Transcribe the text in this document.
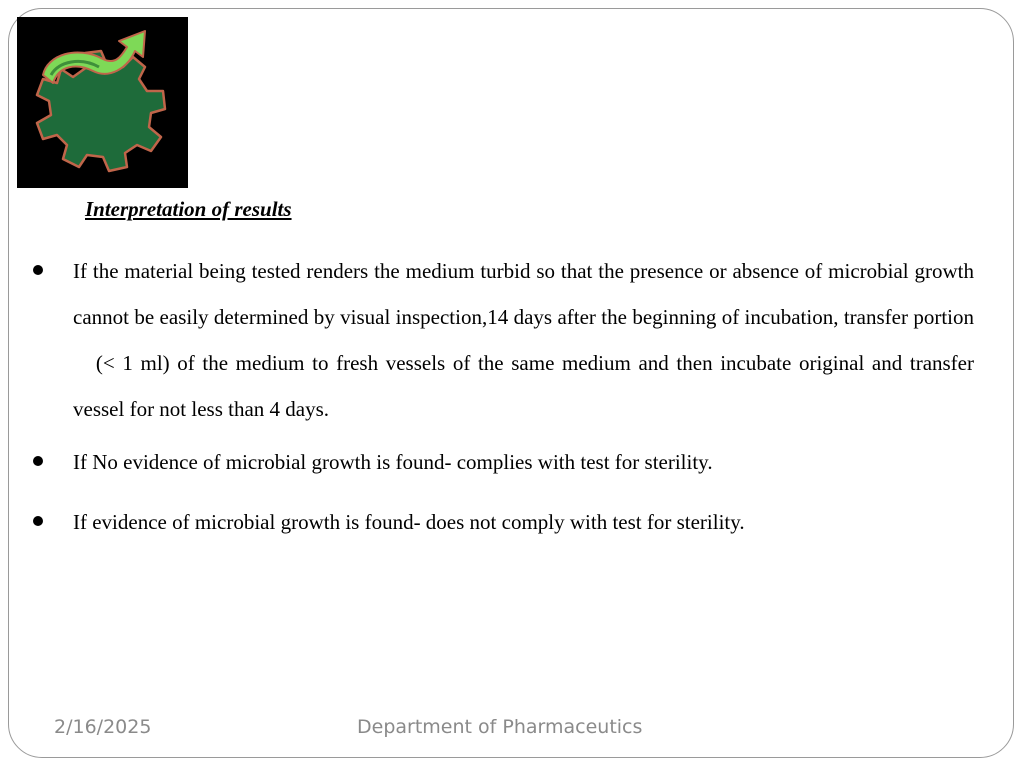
Interpretation of results
If the material being tested renders the medium turbid so that the presence or absence of microbial growth cannot be easily determined by visual inspection,14 days after the beginning of incubation, transfer portion    (< 1 ml) of the medium to fresh vessels of the same medium and then incubate original and transfer vessel for not less than 4 days.
If No evidence of microbial growth is found- complies with test for sterility.
If evidence of microbial growth is found- does not comply with test for sterility.
2/16/2025	Department of Pharmaceutics
